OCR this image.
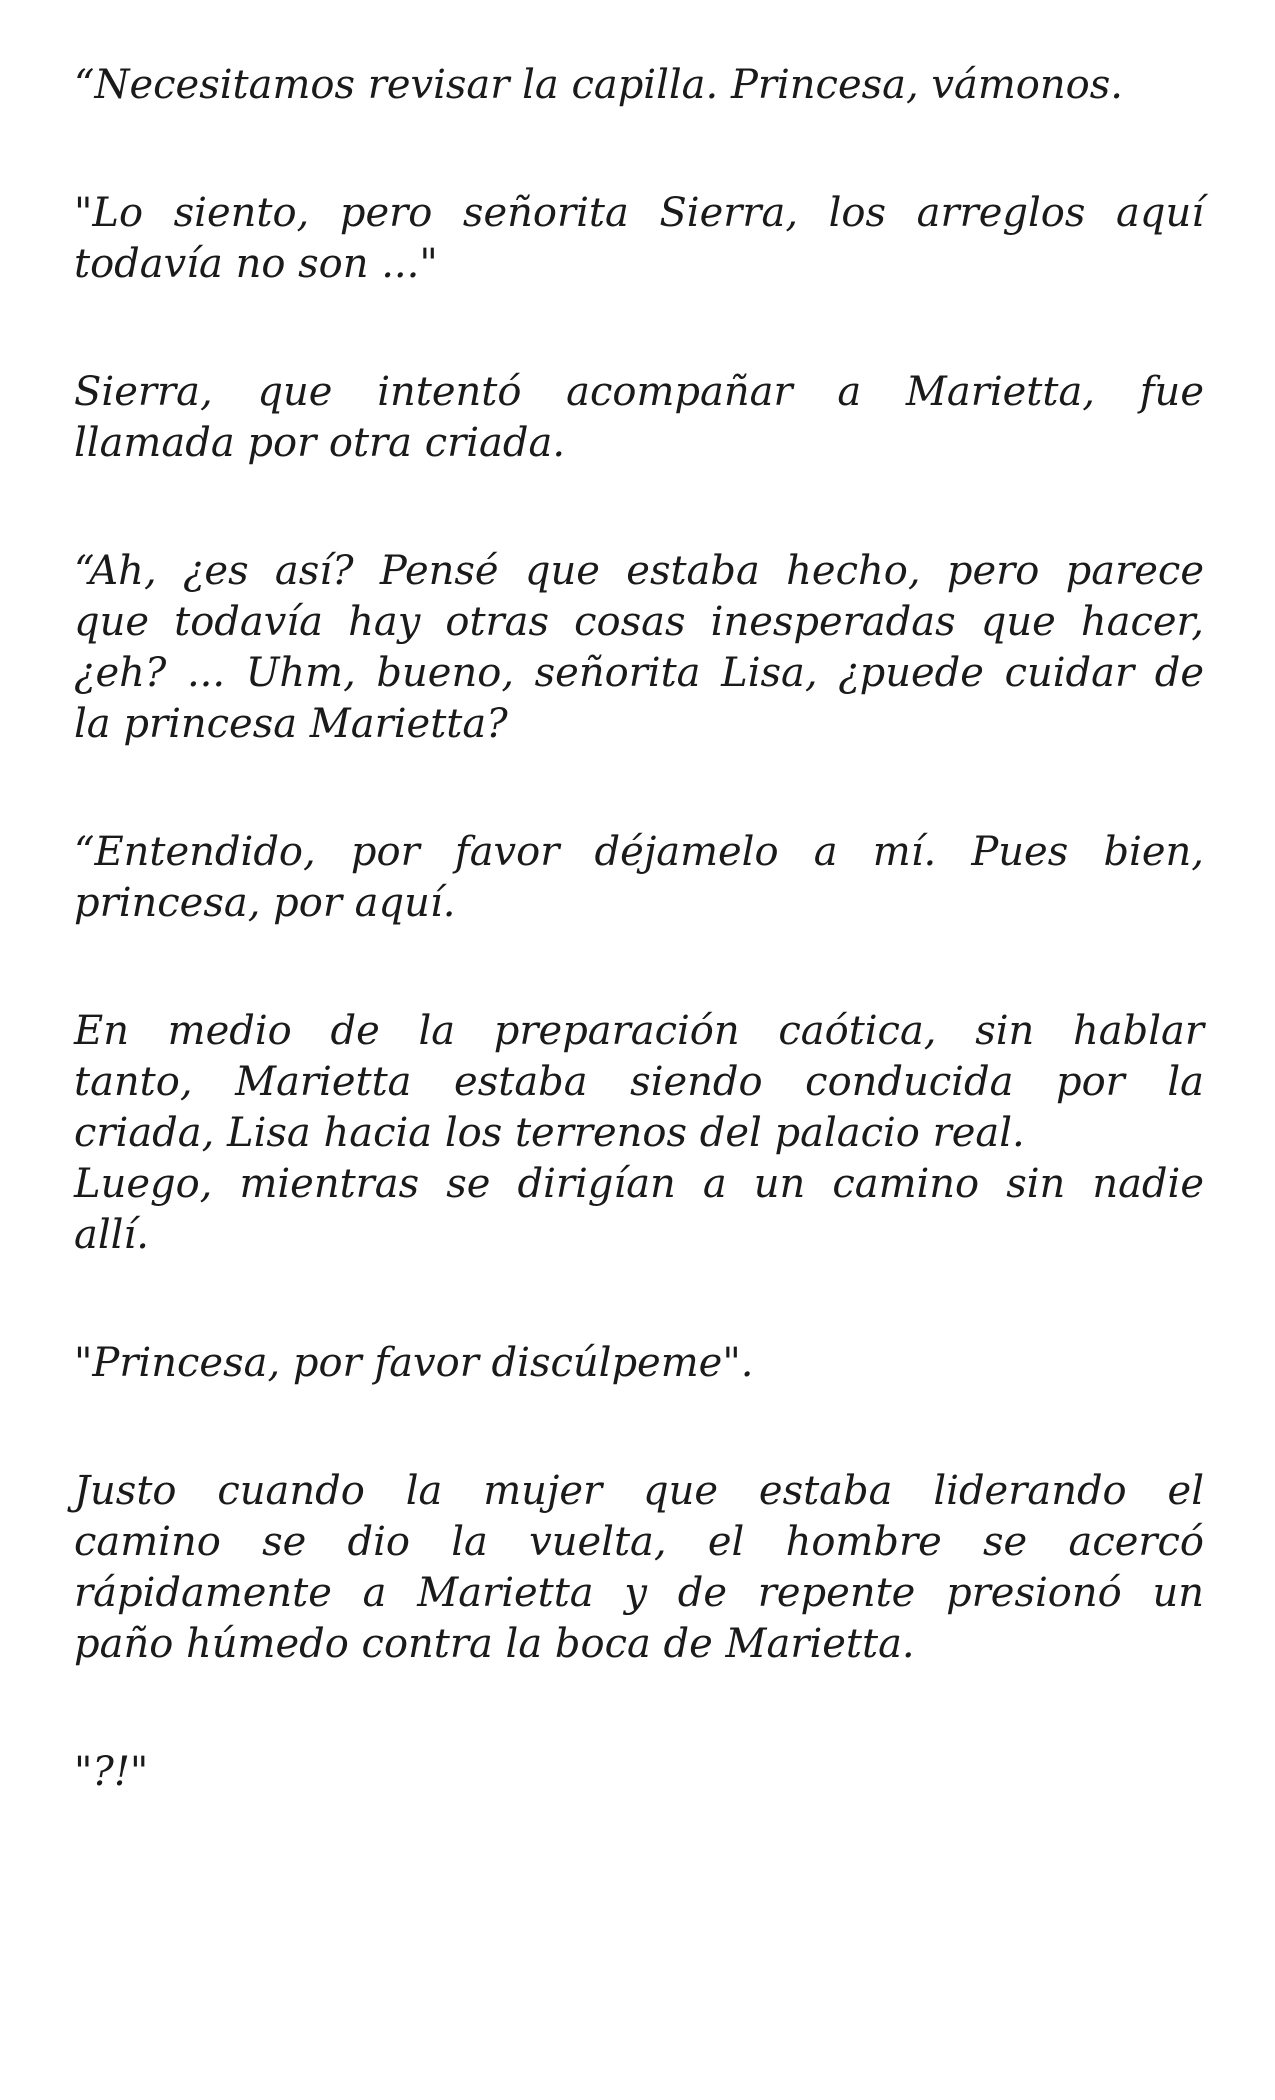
“Necesitamos revisar la capilla. Princesa, vámonos.
"Lo siento, pero señorita Sierra, los arreglos aquí
todavía no son ..."
Sierra, que intentó acompañar a Marietta, fue
llamada por otra criada.
“Ah, ¿es así? Pensé que estaba hecho, pero parece
que todavía hay otras cosas inesperadas que hacer,
¿eh? ... Uhm, bueno, señorita Lisa, ¿puede cuidar de
la princesa Marietta?
“Entendido, por favor déjamelo a mí. Pues bien,
princesa, por aquí.
En medio de la preparación caótica, sin hablar
tanto, Marietta estaba siendo conducida por la
criada, Lisa hacia los terrenos del palacio real.
Luego, mientras se dirigían a un camino sin nadie
allí.
"Princesa, por favor discúlpeme".
Justo cuando la mujer que estaba liderando el
camino se dio la vuelta, el hombre se acercó
rápidamente a Marietta y de repente presionó un
paño húmedo contra la boca de Marietta.
"?!"
